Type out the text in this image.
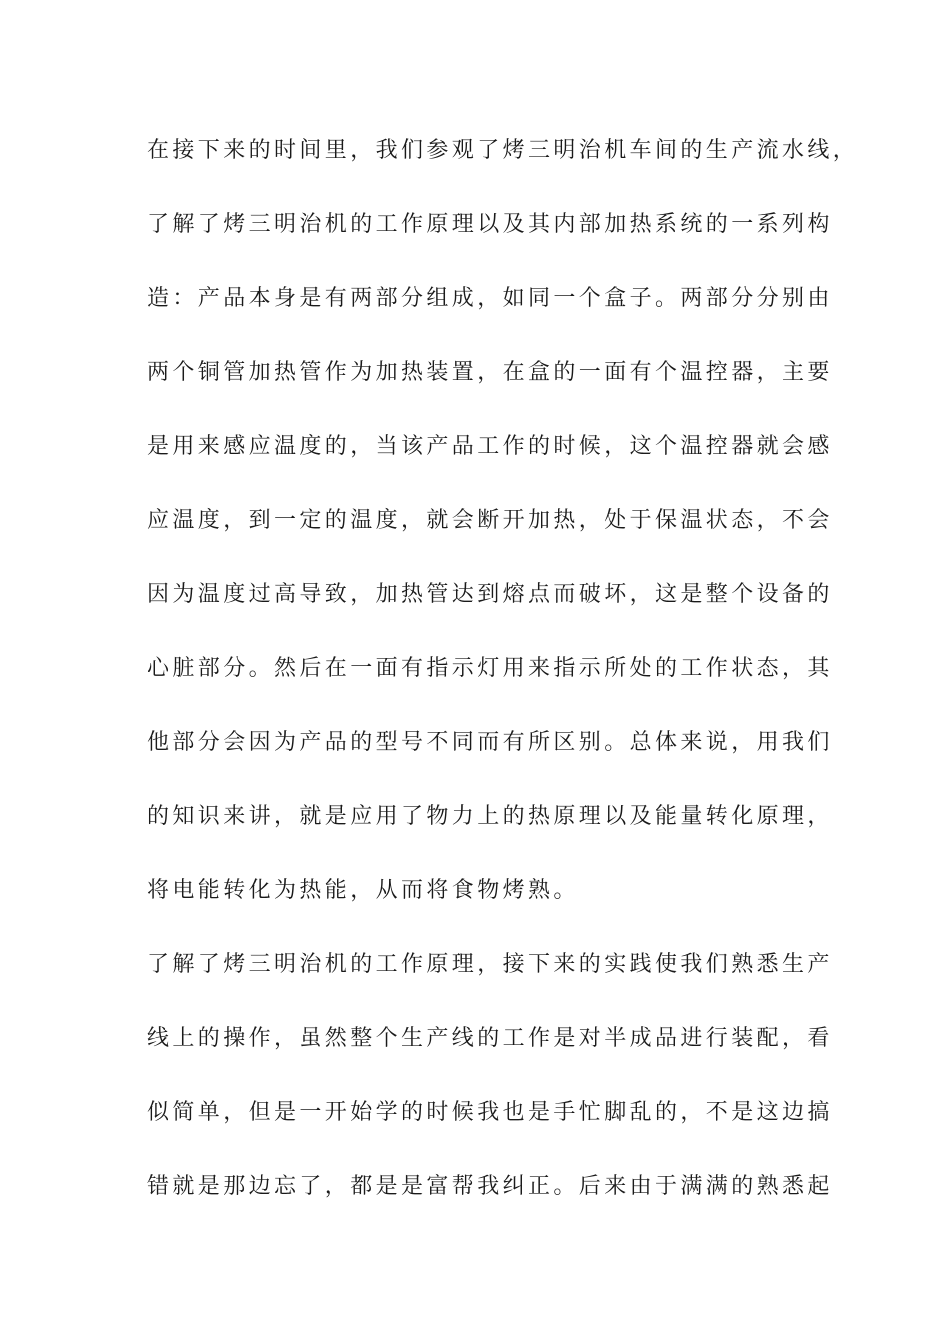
在接下来的时间里，我们参观了烤三明治机车间的生产流水线，
了解了烤三明治机的工作原理以及其内部加热系统的一系列构
造：产品本身是有两部分组成，如同一个盒子。两部分分别由
两个铜管加热管作为加热装置，在盒的一面有个温控器，主要
是用来感应温度的，当该产品工作的时候，这个温控器就会感
应温度，到一定的温度，就会断开加热，处于保温状态，不会
因为温度过高导致，加热管达到熔点而破坏，这是整个设备的
心脏部分。然后在一面有指示灯用来指示所处的工作状态，其
他部分会因为产品的型号不同而有所区别。总体来说，用我们
的知识来讲，就是应用了物力上的热原理以及能量转化原理，
将电能转化为热能，从而将食物烤熟。
了解了烤三明治机的工作原理，接下来的实践使我们熟悉生产
线上的操作，虽然整个生产线的工作是对半成品进行装配，看
似简单，但是一开始学的时候我也是手忙脚乱的，不是这边搞
错就是那边忘了，都是是富帮我纠正。后来由于满满的熟悉起
